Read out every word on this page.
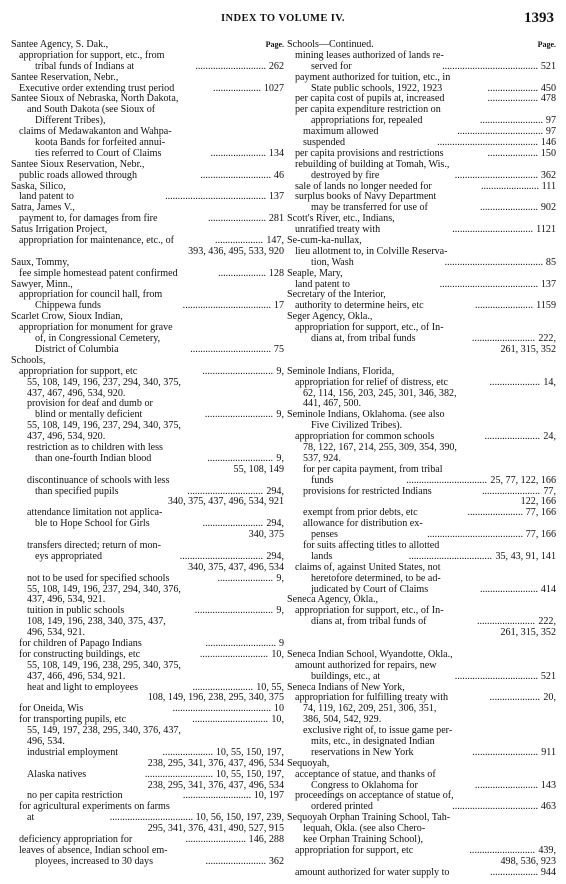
INDEX TO VOLUME IV.	1393
Santee Agency, S. Dak.,	Page.
appropriation for support, etc., from
tribal funds of Indians at	262
............................
Santee Reservation, Nebr.,
Executive order extending trust period	1027
...................
Santee Sioux of Nebraska, North Dakota,
and South Dakota (see Sioux of
Different Tribes),
claims of Medawakanton and Wahpa-
koota Bands for forfeited annui-
ties referred to Court of Claims	134
......................
Santee Sioux Reservation, Nebr.,
public roads allowed through	46
............................
Saska, Silico,
land patent to	137
........................................
Satra, James V.,
payment to, for damages from fire	281
.......................
Satus Irrigation Project,
appropriation for maintenance, etc., of	147,
...................
393, 436, 495, 533, 920
Saux, Tommy,
fee simple homestead patent confirmed	128
...................
Sawyer, Minn.,
appropriation for council hall, from
Chippewa funds	17
...................................
Scarlet Crow, Sioux Indian,
appropriation for monument for grave
of, in Congressional Cemetery,
District of Columbia	75
................................
Schools,
appropriation for support, etc	9,
............................
55, 108, 149, 196, 237, 294, 340, 375,
437, 467, 496, 534, 920.
provision for deaf and dumb or
blind or mentally deficient	9,
...........................
55, 108, 149, 196, 237, 294, 340, 375,
437, 496, 534, 920.
restriction as to children with less
than one-fourth Indian blood	9,
..........................
55, 108, 149
discontinuance of schools with less
than specified pupils	294,
..............................
340, 375, 437, 496, 534, 921
attendance limitation not applica-
ble to Hope School for Girls	294,
........................
340, 375
transfers directed; return of mon-
eys appropriated	294,
.................................
340, 375, 437, 496, 534
not to be used for specified schools	9,
......................
55, 108, 149, 196, 237, 294, 340, 376,
437, 496, 534, 921.
tuition in public schools	9,
...............................
108, 149, 196, 238, 340, 375, 437,
496, 534, 921.
for children of Papago Indians	9
............................
for constructing buildings, etc	10,
...........................
55, 108, 149, 196, 238, 295, 340, 375,
437, 466, 496, 534, 921.
heat and light to employees	10, 55,
........................
108, 149, 196, 238, 295, 340, 375
for Oneida, Wis	10
.......................................
for transporting pupils, etc	10,
..............................
55, 149, 197, 238, 295, 340, 376, 437,
496, 534.
industrial employment	10, 55, 150, 197,
....................
238, 295, 341, 376, 437, 496, 534
Alaska natives	10, 55, 150, 197,
...........................
238, 295, 341, 376, 437, 496, 534
no per capita restriction	10, 197
...........................
for agricultural experiments on farms
at	10, 56, 150, 197, 239,
.................................
295, 341, 376, 431, 490, 527, 915
deficiency appropriation for	146, 288
........................
leaves of absence, Indian school em-
ployees, increased to 30 days	362
........................
Schools—Continued.	Page.
mining leases authorized of lands re-
served for	521
......................................
payment authorized for tuition, etc., in
State public schools, 1922, 1923	450
....................
per capita cost of pupils at, increased	478
....................
per capita expenditure restriction on
appropriations for, repealed	97
.........................
maximum allowed	97
..................................
suspended	146
........................................
per capita provisions and restrictions	150
....................
rebuilding of building at Tomah, Wis.,
destroyed by fire	362
.................................
sale of lands no longer needed for	111
.......................
surplus books of Navy Department
may be transferred for use of	902
.......................
Scott's River, etc., Indians,
unratified treaty with	1121
................................
Se-cum-ka-nullax,
lieu allotment to, in Colville Reserva-
tion, Wash	85
.......................................
Seaple, Mary,
land patent to	137
.......................................
Secretary of the Interior,
authority to determine heirs, etc	1159
.......................
Seger Agency, Okla.,
appropriation for support, etc., of In-
dians at, from tribal funds	222,
.........................
261, 315, 352
Seminole Indians, Florida,
appropriation for relief of distress, etc	14,
....................
62, 114, 156, 203, 245, 301, 346, 382,
441, 467, 500.
Seminole Indians, Oklahoma. (see also
Five Civilized Tribes).
appropriation for common schools	24,
......................
78, 122, 167, 214, 255, 309, 354, 390,
537, 924.
for per capita payment, from tribal
funds	25, 77, 122, 166
................................
provisions for restricted Indians	77,
.......................
122, 166
exempt from prior debts, etc	77, 166
......................
allowance for distribution ex-
penses	77, 166
......................................
for suits affecting titles to allotted
lands	35, 43, 91, 141
.................................
claims of, against United States, not
heretofore determined, to be ad-
judicated by Court of Claims	414
.......................
Seneca Agency, Okla.,
appropriation for support, etc., of In-
dians at, from tribal funds of	222,
.......................
261, 315, 352
Seneca Indian School, Wyandotte, Okla.,
amount authorized for repairs, new
buildings, etc., at	521
.................................
Seneca Indians of New York,
appropriation for fulfilling treaty with	20,
....................
74, 119, 162, 209, 251, 306, 351,
386, 504, 542, 929.
exclusive right of, to issue game per-
mits, etc., in designated Indian
reservations in New York	911
..........................
Sequoyah,
acceptance of statue, and thanks of
Congress to Oklahoma for	143
.........................
proceedings on acceptance of statue of,
ordered printed	463
..................................
Sequoyah Orphan Training School, Tah-
lequah, Okla. (see also Chero-
kee Orphan Training School),
appropriation for support, etc	439,
..........................
498, 536, 923
amount authorized for water supply to	944
...................
